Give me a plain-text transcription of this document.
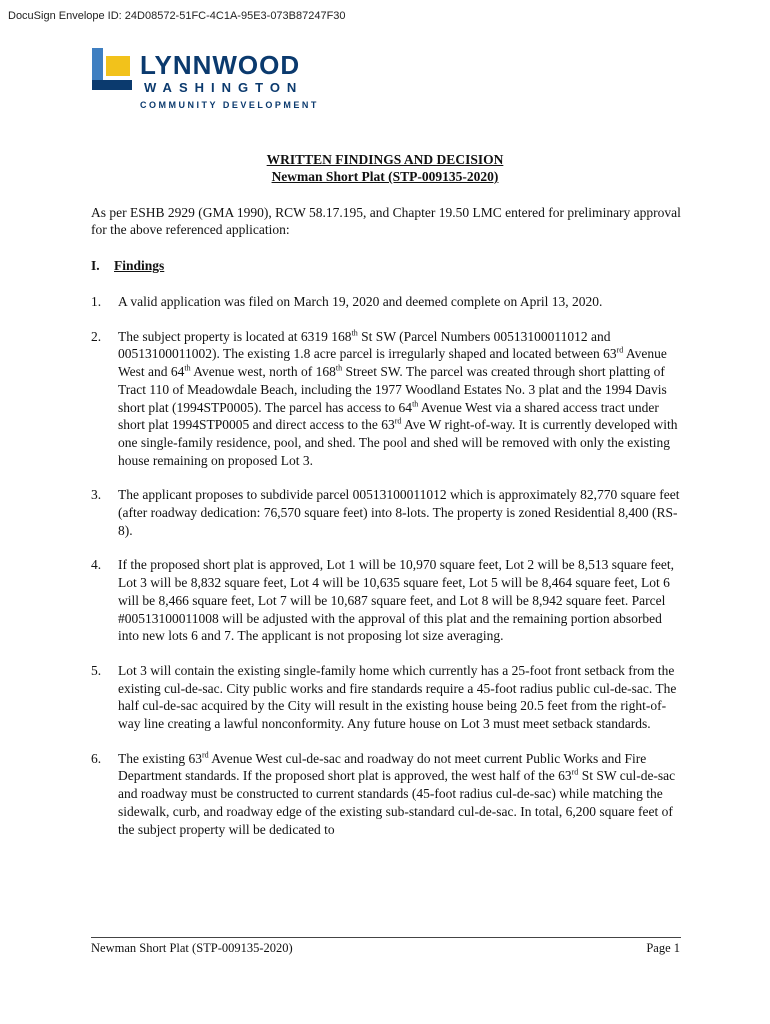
DocuSign Envelope ID: 24D08572-51FC-4C1A-95E3-073B87247F30
LYNNWOOD
WASHINGTON
COMMUNITY DEVELOPMENT
WRITTEN FINDINGS AND DECISION
Newman Short Plat (STP-009135-2020)
As per ESHB 2929 (GMA 1990), RCW 58.17.195, and Chapter 19.50 LMC entered for preliminary approval for the above referenced application:
I. Findings
1.	A valid application was filed on March 19, 2020 and deemed complete on April 13, 2020.
2.	The subject property is located at 6319 168th St SW (Parcel Numbers 00513100011012 and 00513100011002). The existing 1.8 acre parcel is irregularly shaped and located between 63rd Avenue West and 64th Avenue west, north of 168th Street SW. The parcel was created through short platting of Tract 110 of Meadowdale Beach, including the 1977 Woodland Estates No. 3 plat and the 1994 Davis short plat (1994STP0005). The parcel has access to 64th Avenue West via a shared access tract under short plat 1994STP0005 and direct access to the 63rd Ave W right-of-way. It is currently developed with one single-family residence, pool, and shed. The pool and shed will be removed with only the existing house remaining on proposed Lot 3.
3.	The applicant proposes to subdivide parcel 00513100011012 which is approximately 82,770 square feet (after roadway dedication: 76,570 square feet) into 8-lots. The property is zoned Residential 8,400 (RS-8).
4.	If the proposed short plat is approved, Lot 1 will be 10,970 square feet, Lot 2 will be 8,513 square feet, Lot 3 will be 8,832 square feet, Lot 4 will be 10,635 square feet, Lot 5 will be 8,464 square feet, Lot 6 will be 8,466 square feet, Lot 7 will be 10,687 square feet, and Lot 8 will be 8,942 square feet. Parcel #00513100011008 will be adjusted with the approval of this plat and the remaining portion absorbed into new lots 6 and 7. The applicant is not proposing lot size averaging.
5.	Lot 3 will contain the existing single-family home which currently has a 25-foot front setback from the existing cul-de-sac. City public works and fire standards require a 45-foot radius public cul-de-sac. The half cul-de-sac acquired by the City will result in the existing house being 20.5 feet from the right-of-way line creating a lawful nonconformity. Any future house on Lot 3 must meet setback standards.
6.	The existing 63rd Avenue West cul-de-sac and roadway do not meet current Public Works and Fire Department standards. If the proposed short plat is approved, the west half of the 63rd St SW cul-de-sac and roadway must be constructed to current standards (45-foot radius cul-de-sac) while matching the sidewalk, curb, and roadway edge of the existing sub-standard cul-de-sac. In total, 6,200 square feet of the subject property will be dedicated to
Newman Short Plat (STP-009135-2020)	Page 1
